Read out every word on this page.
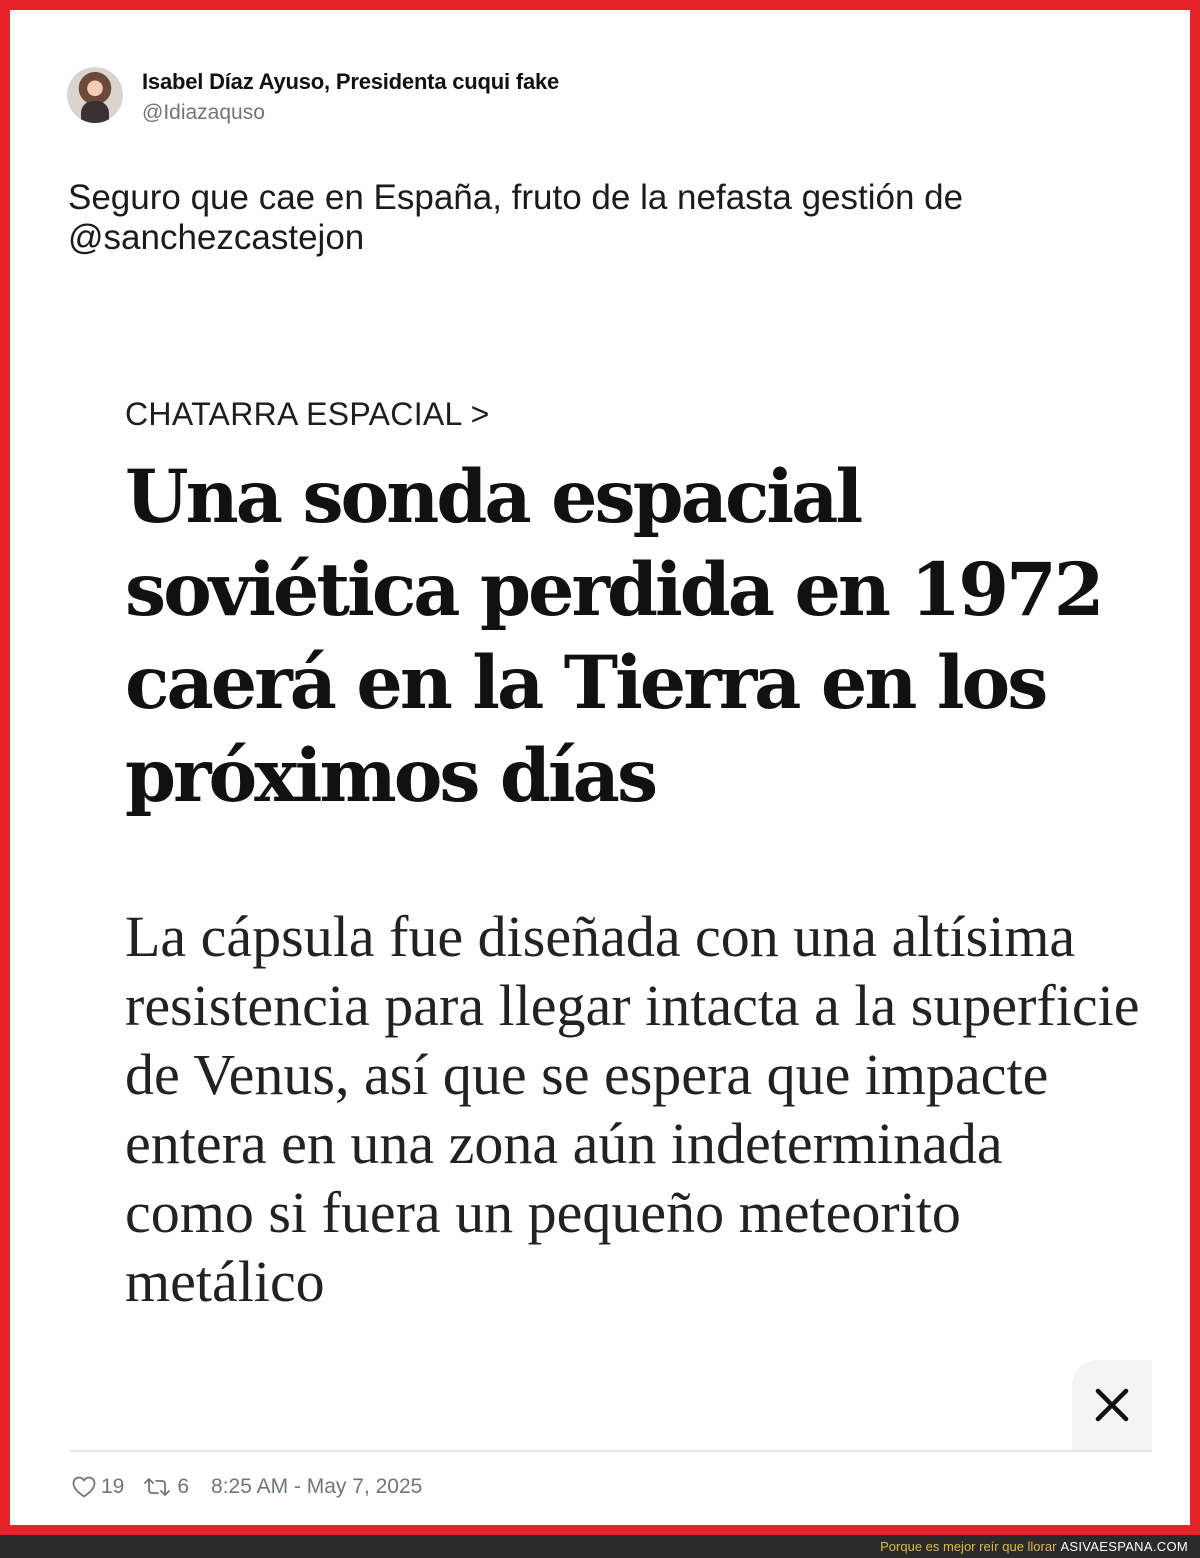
Isabel Díaz Ayuso, Presidenta cuqui fake
@Idiazaquso

Seguro que cae en España, fruto de la nefasta gestión de @sanchezcastejon

CHATARRA ESPACIAL >
Una sonda espacial soviética perdida en 1972 caerá en la Tierra en los próximos días

La cápsula fue diseñada con una altísima resistencia para llegar intacta a la superficie de Venus, así que se espera que impacte entera en una zona aún indeterminada como si fuera un pequeño meteorito metálico

19	6 8:25 AM - May 7, 2025
Porque es mejor reír que llorar ASIVAESPANA.COM
